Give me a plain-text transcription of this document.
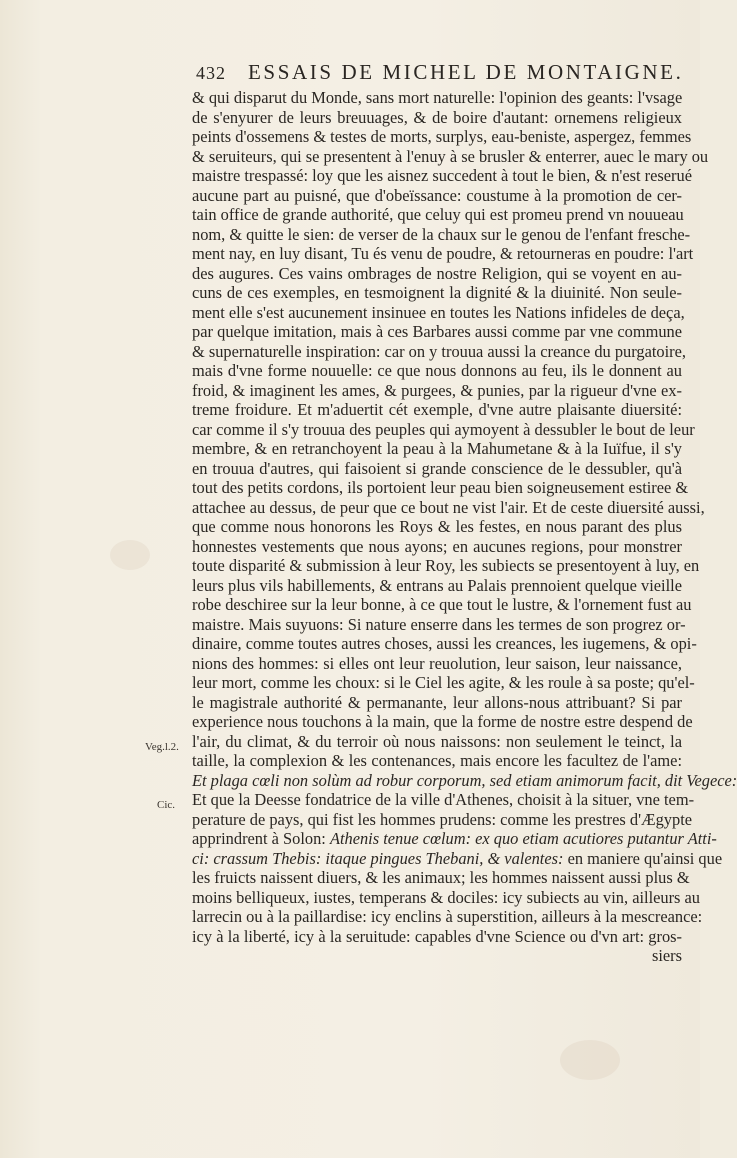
432 ESSAIS DE MICHEL DE MONTAIGNE.
Veg.l.2.
Cic.
& qui disparut du Monde, sans mort naturelle: l'opinion des geants: l'vsage
de s'enyurer de leurs breuuages, & de boire d'autant: ornemens religieux
peints d'ossemens & testes de morts, surplys, eau-beniste, aspergez, femmes
& seruiteurs, qui se presentent à l'enuy à se brusler & enterrer, auec le mary ou
maistre trespassé: loy que les aisnez succedent à tout le bien, & n'est reserué
aucune part au puisné, que d'obeïssance: coustume à la promotion de cer-
tain office de grande authorité, que celuy qui est promeu prend vn nouueau
nom, & quitte le sien: de verser de la chaux sur le genou de l'enfant fresche-
ment nay, en luy disant, Tu és venu de poudre, & retourneras en poudre: l'art
des augures. Ces vains ombrages de nostre Religion, qui se voyent en au-
cuns de ces exemples, en tesmoignent la dignité & la diuinité. Non seule-
ment elle s'est aucunement insinuee en toutes les Nations infideles de deça,
par quelque imitation, mais à ces Barbares aussi comme par vne commune
& supernaturelle inspiration: car on y trouua aussi la creance du purgatoire,
mais d'vne forme nouuelle: ce que nous donnons au feu, ils le donnent au
froid, & imaginent les ames, & purgees, & punies, par la rigueur d'vne ex-
treme froidure. Et m'aduertit cét exemple, d'vne autre plaisante diuersité:
car comme il s'y trouua des peuples qui aymoyent à dessubler le bout de leur
membre, & en retranchoyent la peau à la Mahumetane & à la Iuïfue, il s'y
en trouua d'autres, qui faisoient si grande conscience de le dessubler, qu'à
tout des petits cordons, ils portoient leur peau bien soigneusement estiree &
attachee au dessus, de peur que ce bout ne vist l'air. Et de ceste diuersité aussi,
que comme nous honorons les Roys & les festes, en nous parant des plus
honnestes vestements que nous ayons; en aucunes regions, pour monstrer
toute disparité & submission à leur Roy, les subiects se presentoyent à luy, en
leurs plus vils habillements, & entrans au Palais prennoient quelque vieille
robe deschiree sur la leur bonne, à ce que tout le lustre, & l'ornement fust au
maistre. Mais suyuons: Si nature enserre dans les termes de son progrez or-
dinaire, comme toutes autres choses, aussi les creances, les iugemens, & opi-
nions des hommes: si elles ont leur reuolution, leur saison, leur naissance,
leur mort, comme les choux: si le Ciel les agite, & les roule à sa poste; qu'el-
le magistrale authorité & permanante, leur allons-nous attribuant? Si par
experience nous touchons à la main, que la forme de nostre estre despend de
l'air, du climat, & du terroir où nous naissons: non seulement le teinct, la
taille, la complexion & les contenances, mais encore les facultez de l'ame:
Et plaga cœli non solùm ad robur corporum, sed etiam animorum facit, dit Vegece:
Et que la Deesse fondatrice de la ville d'Athenes, choisit à la situer, vne tem-
perature de pays, qui fist les hommes prudens: comme les prestres d'Ægypte
apprindrent à Solon: Athenis tenue cœlum: ex quo etiam acutiores putantur Atti-
ci: crassum Thebis: itaque pingues Thebani, & valentes: en maniere qu'ainsi que
les fruicts naissent diuers, & les animaux; les hommes naissent aussi plus &
moins belliqueux, iustes, temperans & dociles: icy subiects au vin, ailleurs au
larrecin ou à la paillardise: icy enclins à superstition, ailleurs à la mescreance:
icy à la liberté, icy à la seruitude: capables d'vne Science ou d'vn art: gros-
siers
